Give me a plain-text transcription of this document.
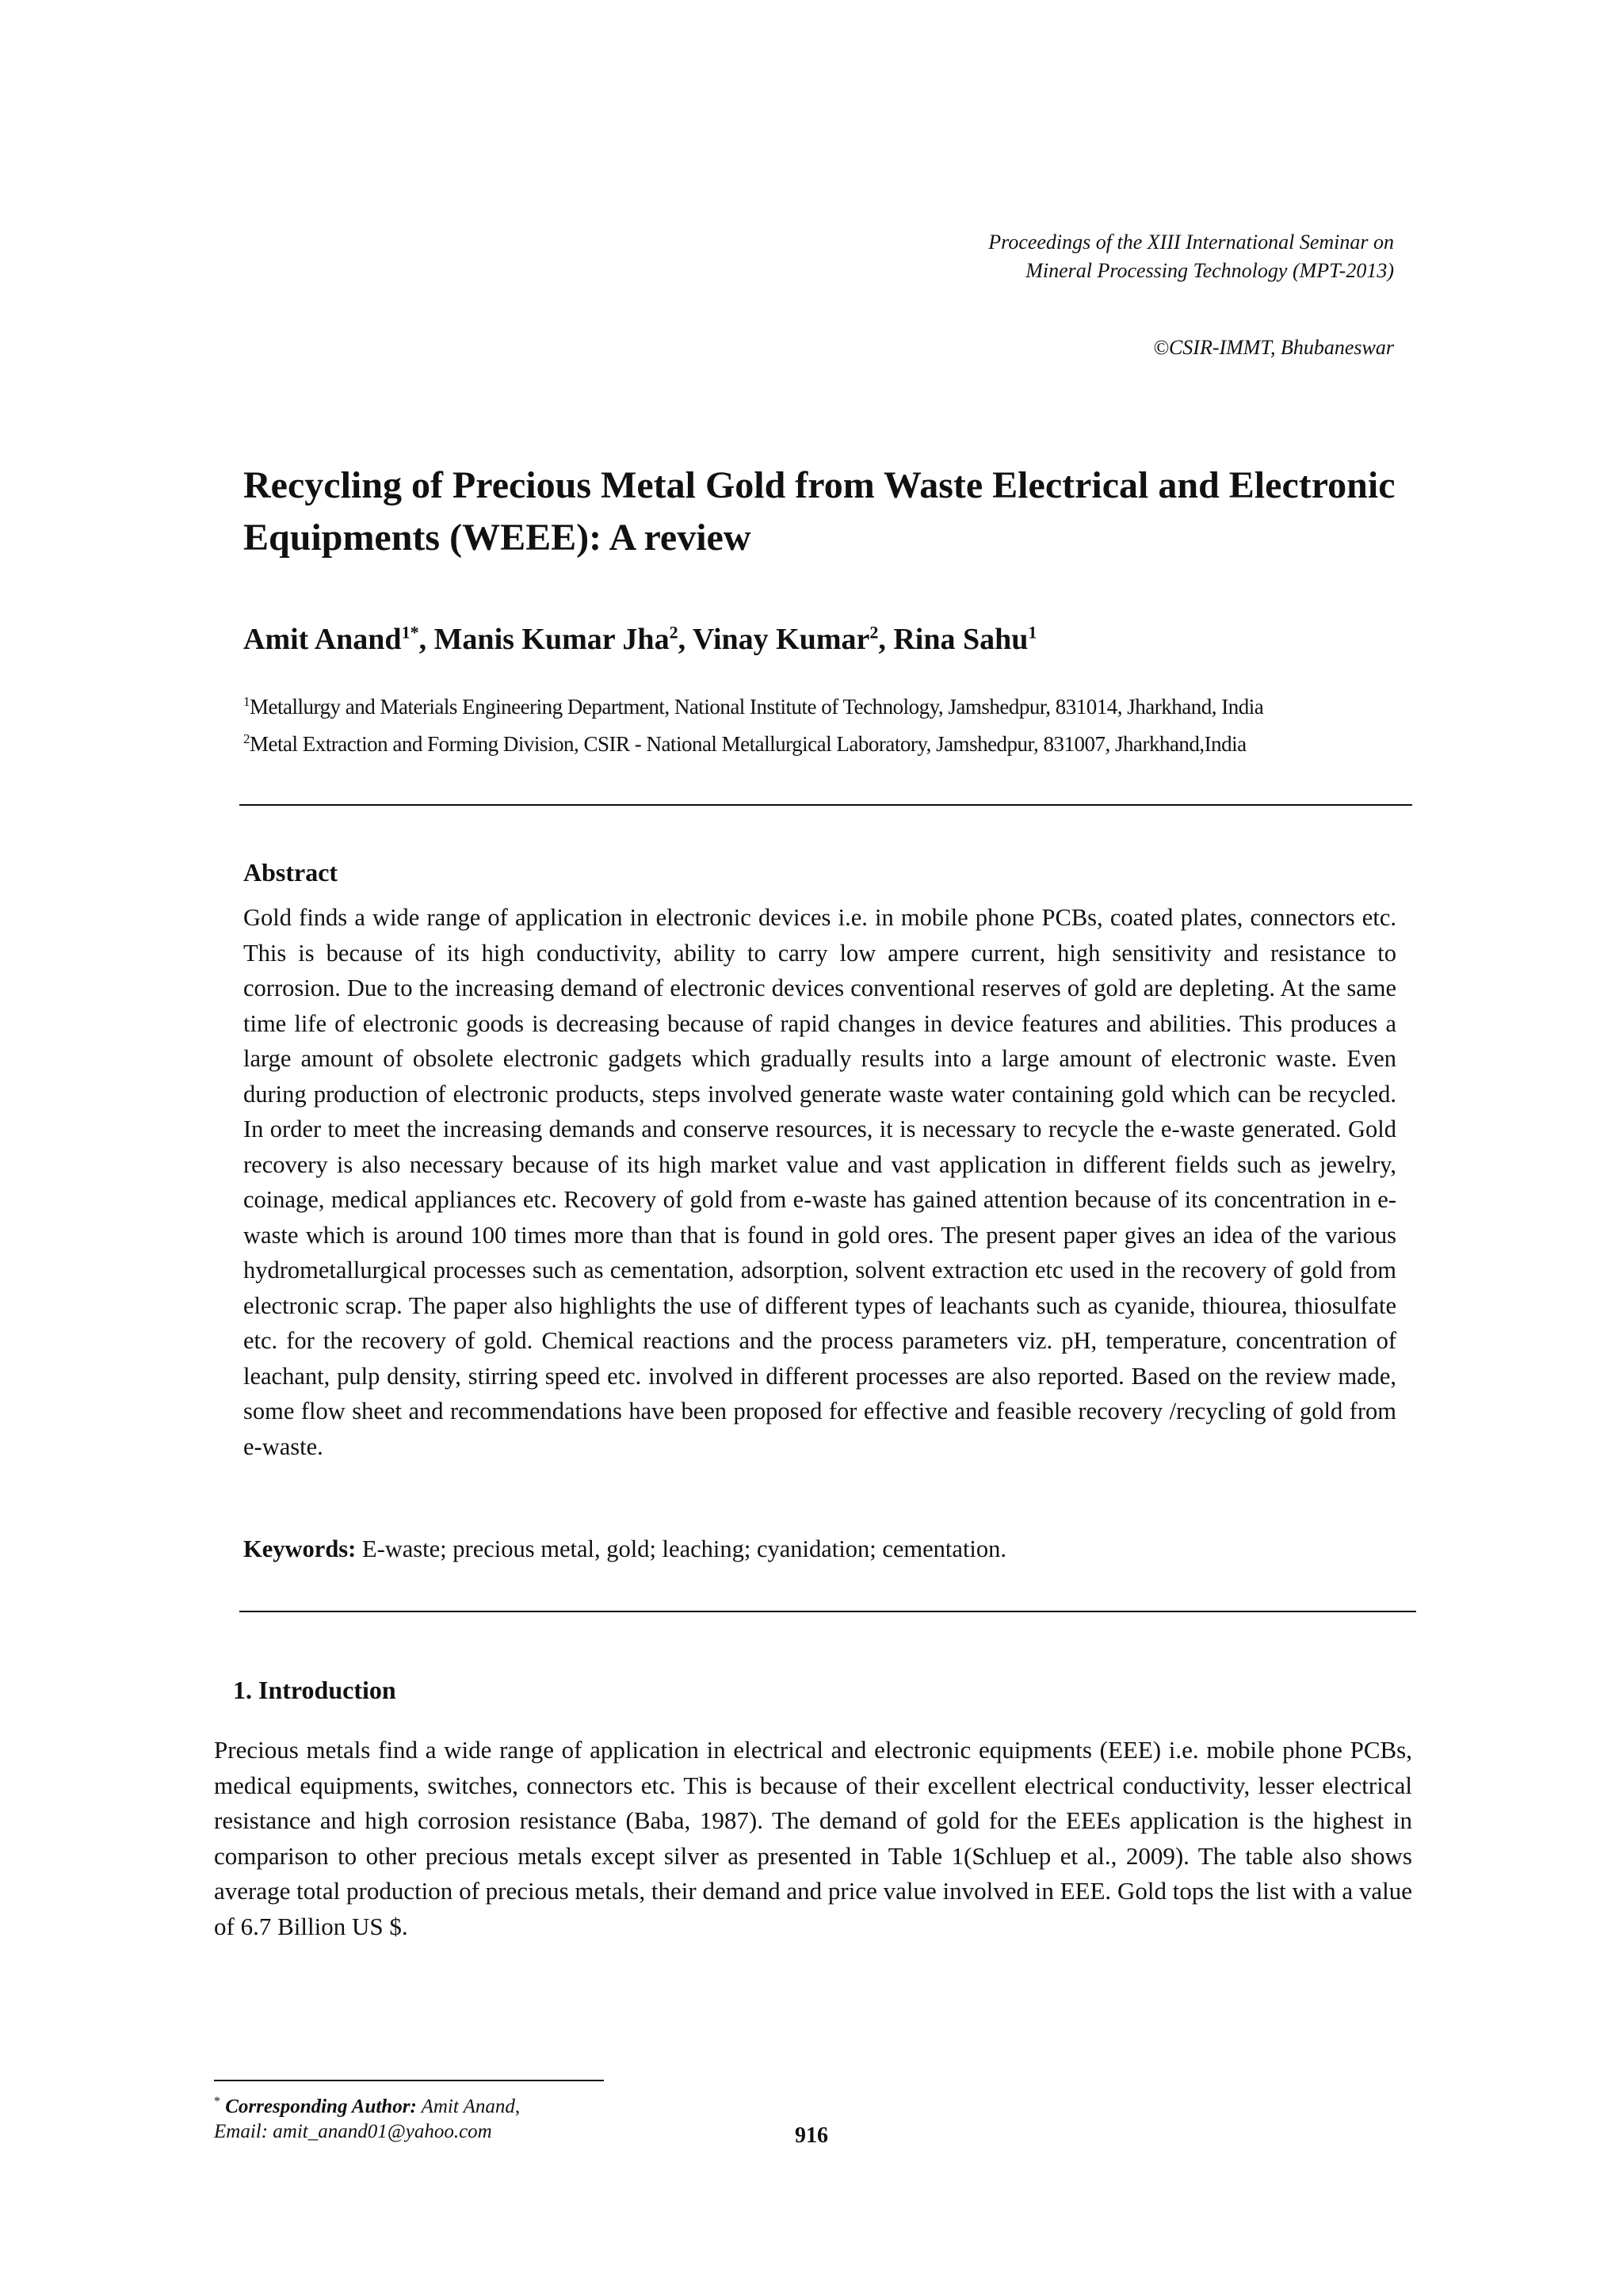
Proceedings of the XIII International Seminar on
Mineral Processing Technology (MPT-2013)
©CSIR-IMMT, Bhubaneswar
Recycling of Precious Metal Gold from Waste Electrical and Electronic Equipments (WEEE): A review
Amit Anand$^{1*}$, Manis Kumar Jha$^2$, Vinay Kumar$^2$, Rina Sahu$^1$
$^1$Metallurgy and Materials Engineering Department, National Institute of Technology, Jamshedpur, 831014, Jharkhand, India
$^2$Metal Extraction and Forming Division, CSIR - National Metallurgical Laboratory, Jamshedpur, 831007, Jharkhand,India
Abstract

Gold finds a wide range of application in electronic devices i.e. in mobile phone PCBs, coated plates, connectors etc. This is because of its high conductivity, ability to carry low ampere current, high sensitivity and resistance to corrosion. Due to the increasing demand of electronic devices conventional reserves of gold are depleting. At the same time life of electronic goods is decreasing because of rapid changes in device features and abilities. This produces a large amount of obsolete electronic gadgets which gradually results into a large amount of electronic waste. Even during production of electronic products, steps involved generate waste water containing gold which can be recycled. In order to meet the increasing demands and conserve resources, it is necessary to recycle the e-waste generated. Gold recovery is also necessary because of its high market value and vast application in different fields such as jewelry, coinage, medical appliances etc. Recovery of gold from e-waste has gained attention because of its concentration in e-waste which is around 100 times more than that is found in gold ores. The present paper gives an idea of the various hydrometallurgical processes such as cementation, adsorption, solvent extraction etc used in the recovery of gold from electronic scrap. The paper also highlights the use of different types of leachants such as cyanide, thiourea, thiosulfate etc. for the recovery of gold. Chemical reactions and the process parameters viz. pH, temperature, concentration of leachant, pulp density, stirring speed etc. involved in different processes are also reported. Based on the review made, some flow sheet and recommendations have been proposed for effective and feasible recovery /recycling of gold from e-waste.

Keywords: E-waste; precious metal, gold; leaching; cyanidation; cementation.
1. Introduction

Precious metals find a wide range of application in electrical and electronic equipments (EEE) i.e. mobile phone PCBs, medical equipments, switches, connectors etc. This is because of their excellent electrical conductivity, lesser electrical resistance and high corrosion resistance (Baba, 1987). The demand of gold for the EEEs application is the highest in comparison to other precious metals except silver as presented in Table 1(Schluep et al., 2009). The table also shows average total production of precious metals, their demand and price value involved in EEE. Gold tops the list with a value of 6.7 Billion US $.

* Corresponding Author: Amit Anand,
Email: amit_anand01@yahoo.com	916
